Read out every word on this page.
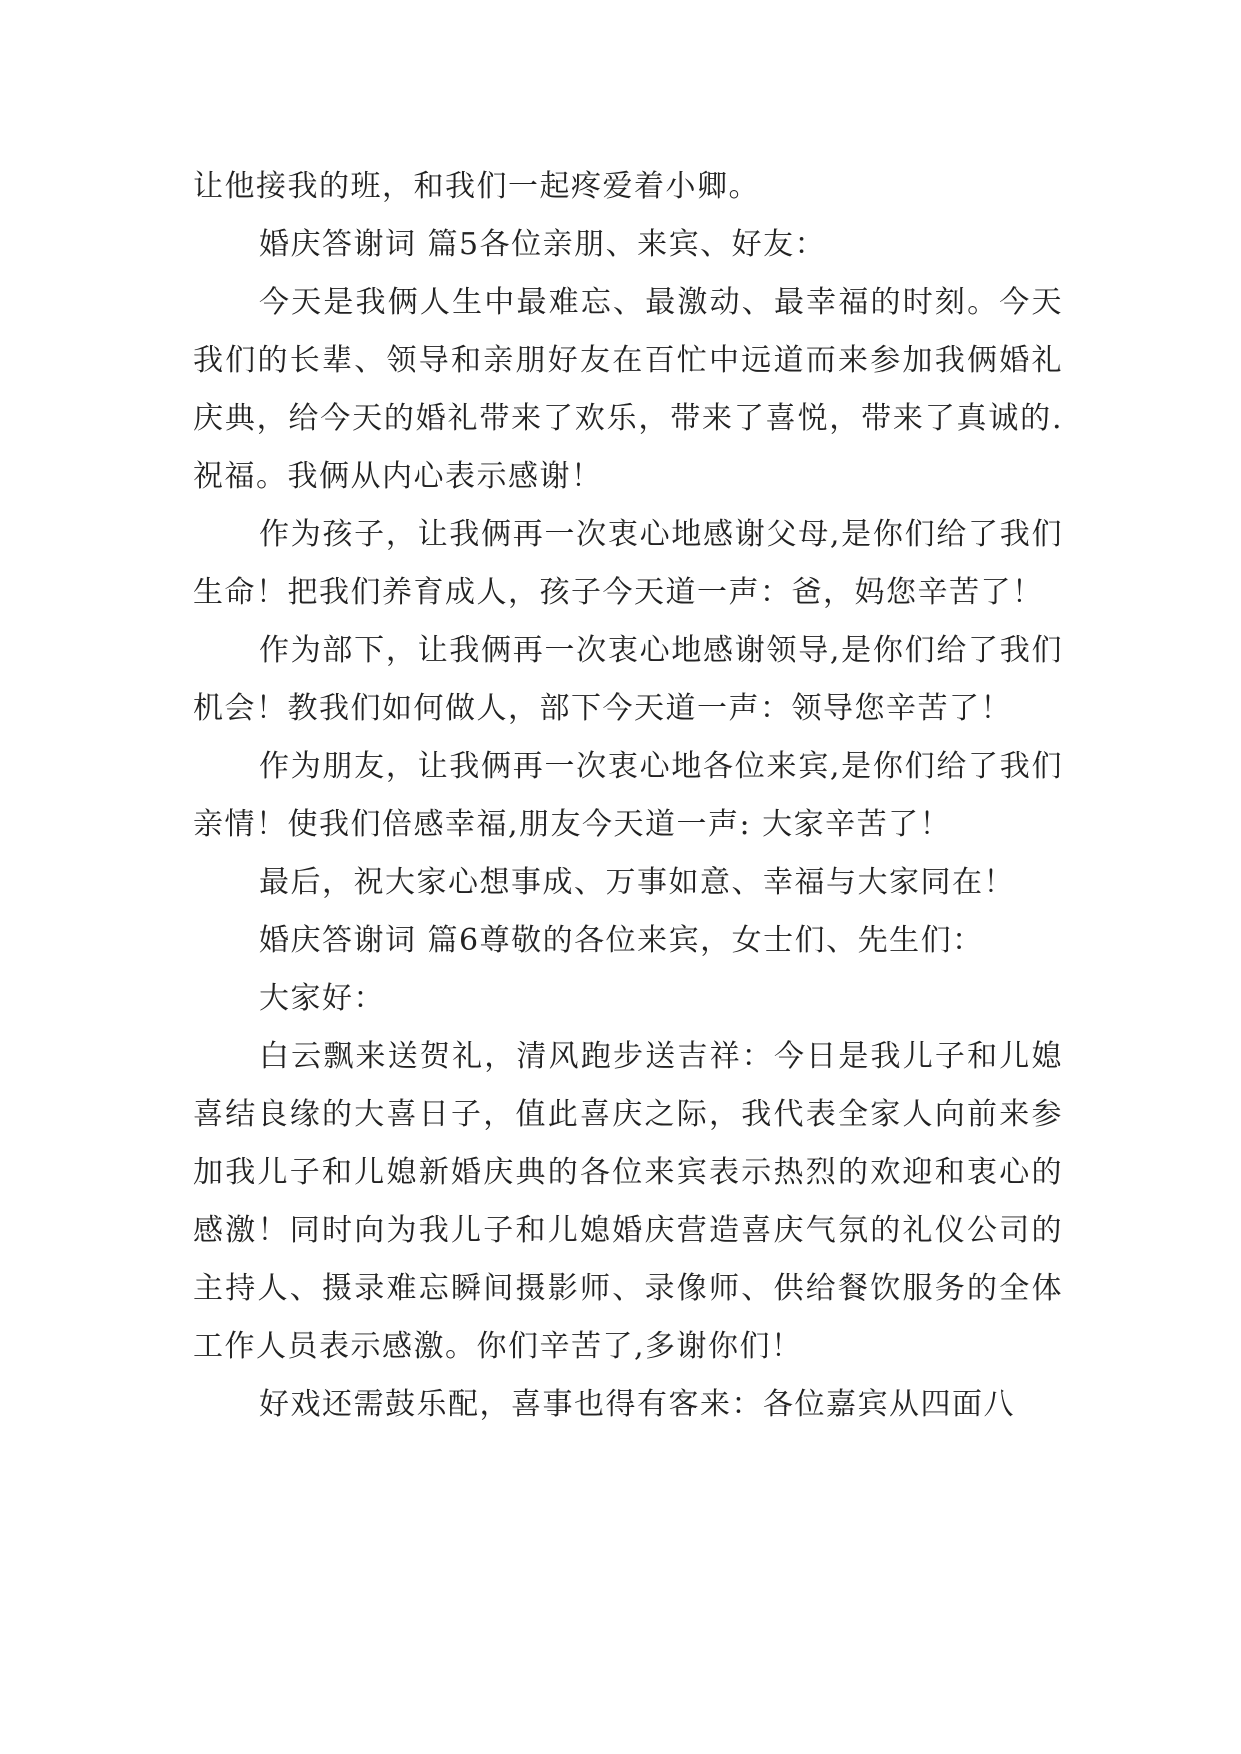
让他接我的班，和我们一起疼爱着小卿。

婚庆答谢词 篇5各位亲朋、来宾、好友：

今天是我俩人生中最难忘、最激动、最幸福的时刻。今天我们的长辈、领导和亲朋好友在百忙中远道而来参加我俩婚礼庆典，给今天的婚礼带来了欢乐，带来了喜悦，带来了真诚的.祝福。我俩从内心表示感谢！

作为孩子，让我俩再一次衷心地感谢父母,是你们给了我们生命！把我们养育成人，孩子今天道一声：爸，妈您辛苦了！

作为部下，让我俩再一次衷心地感谢领导,是你们给了我们机会！教我们如何做人，部下今天道一声：领导您辛苦了！

作为朋友，让我俩再一次衷心地各位来宾,是你们给了我们亲情！使我们倍感幸福,朋友今天道一声: 大家辛苦了！

最后，祝大家心想事成、万事如意、幸福与大家同在！

婚庆答谢词 篇6尊敬的各位来宾，女士们、先生们：

大家好：

白云飘来送贺礼，清风跑步送吉祥：今日是我儿子和儿媳喜结良缘的大喜日子，值此喜庆之际，我代表全家人向前来参加我儿子和儿媳新婚庆典的各位来宾表示热烈的欢迎和衷心的感激！同时向为我儿子和儿媳婚庆营造喜庆气氛的礼仪公司的主持人、摄录难忘瞬间摄影师、录像师、供给餐饮服务的全体工作人员表示感激。你们辛苦了,多谢你们！

好戏还需鼓乐配，喜事也得有客来：各位嘉宾从四面八
